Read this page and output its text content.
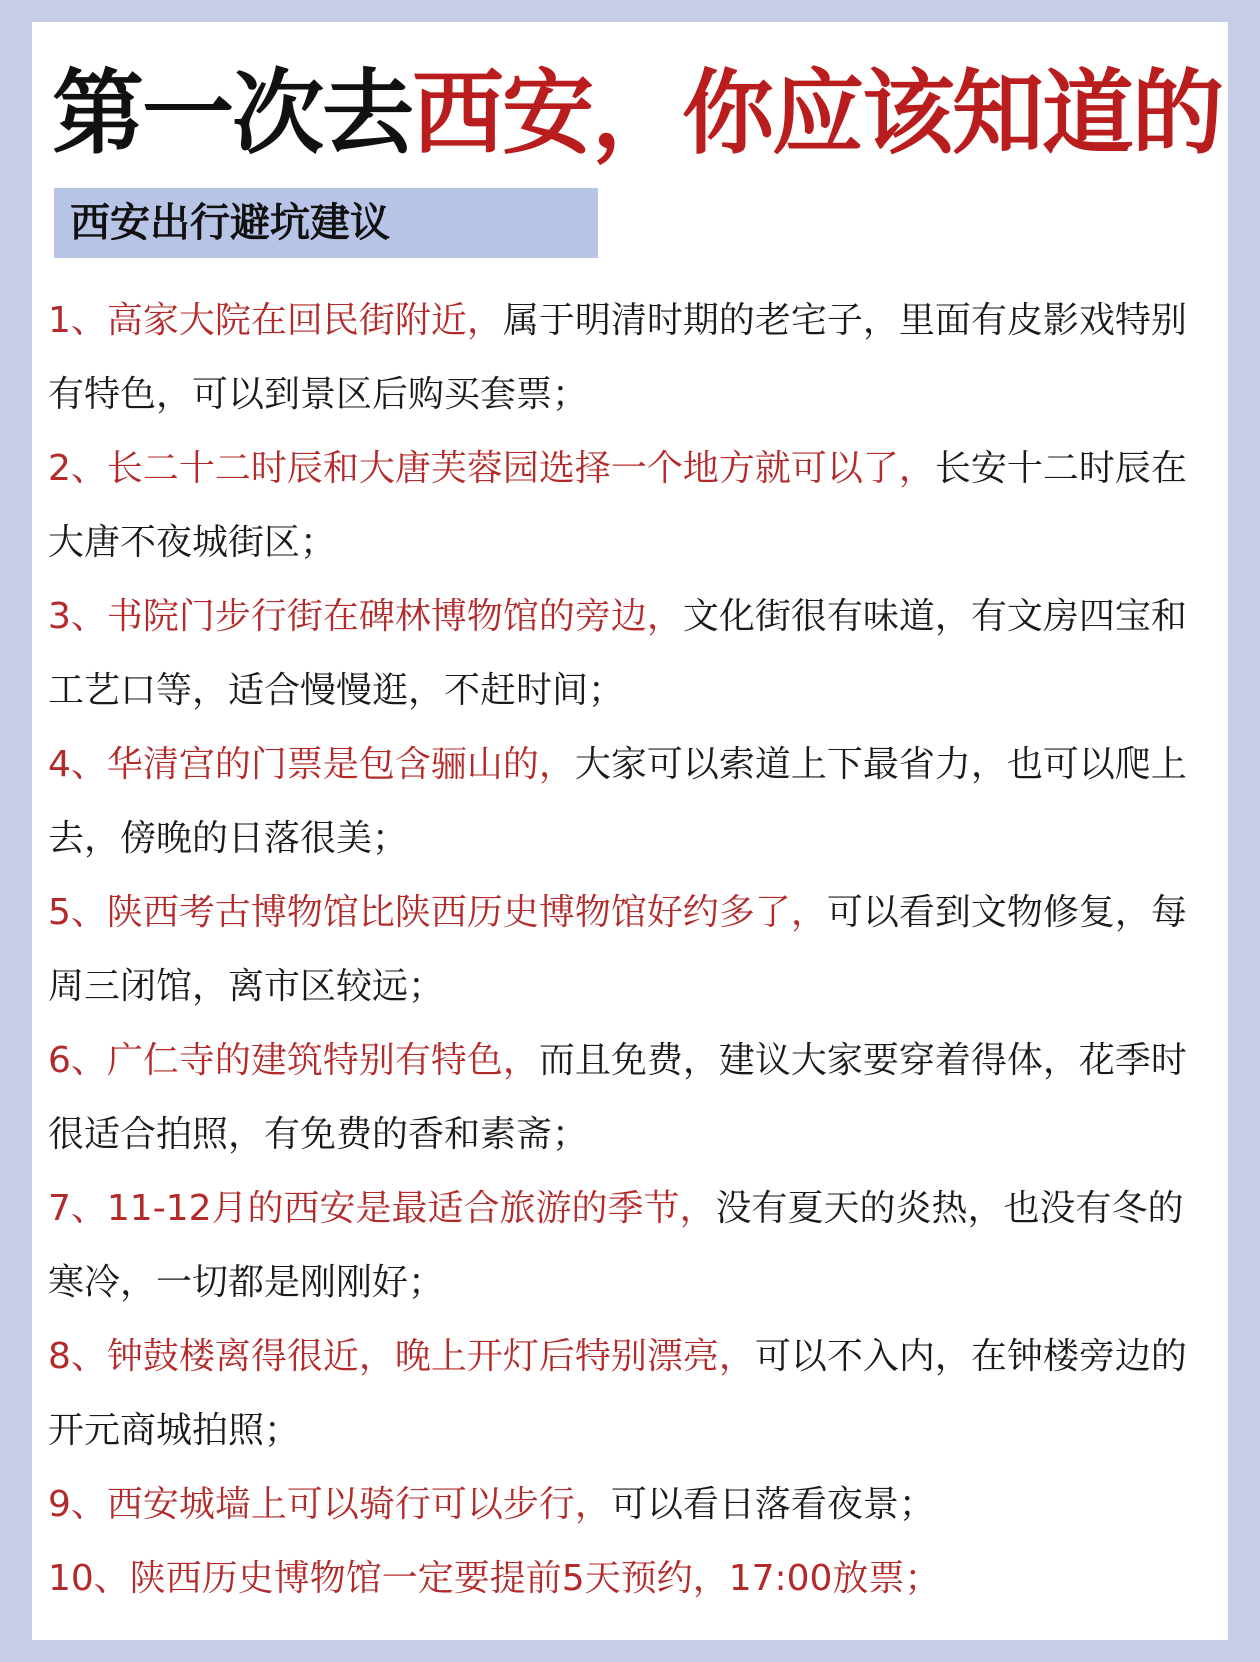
第一次去西安，你应该知道的
西安出行避坑建议
1、高家大院在回民街附近，属于明清时期的老宅子，里面有皮影戏特别有特色，可以到景区后购买套票；
2、长二十二时辰和大唐芙蓉园选择一个地方就可以了，长安十二时辰在大唐不夜城街区；
3、书院门步行街在碑林博物馆的旁边，文化街很有味道，有文房四宝和工艺口等，适合慢慢逛，不赶时间；
4、华清宫的门票是包含骊山的，大家可以索道上下最省力，也可以爬上去，傍晚的日落很美；
5、陕西考古博物馆比陕西历史博物馆好约多了，可以看到文物修复，每周三闭馆，离市区较远；
6、广仁寺的建筑特别有特色，而且免费，建议大家要穿着得体，花季时很适合拍照，有免费的香和素斋；
7、11-12月的西安是最适合旅游的季节，没有夏天的炎热，也没有冬的寒冷，一切都是刚刚好；
8、钟鼓楼离得很近，晚上开灯后特别漂亮，可以不入内，在钟楼旁边的开元商城拍照；
9、西安城墙上可以骑行可以步行，可以看日落看夜景；
10、陕西历史博物馆一定要提前5天预约，17:00放票；
